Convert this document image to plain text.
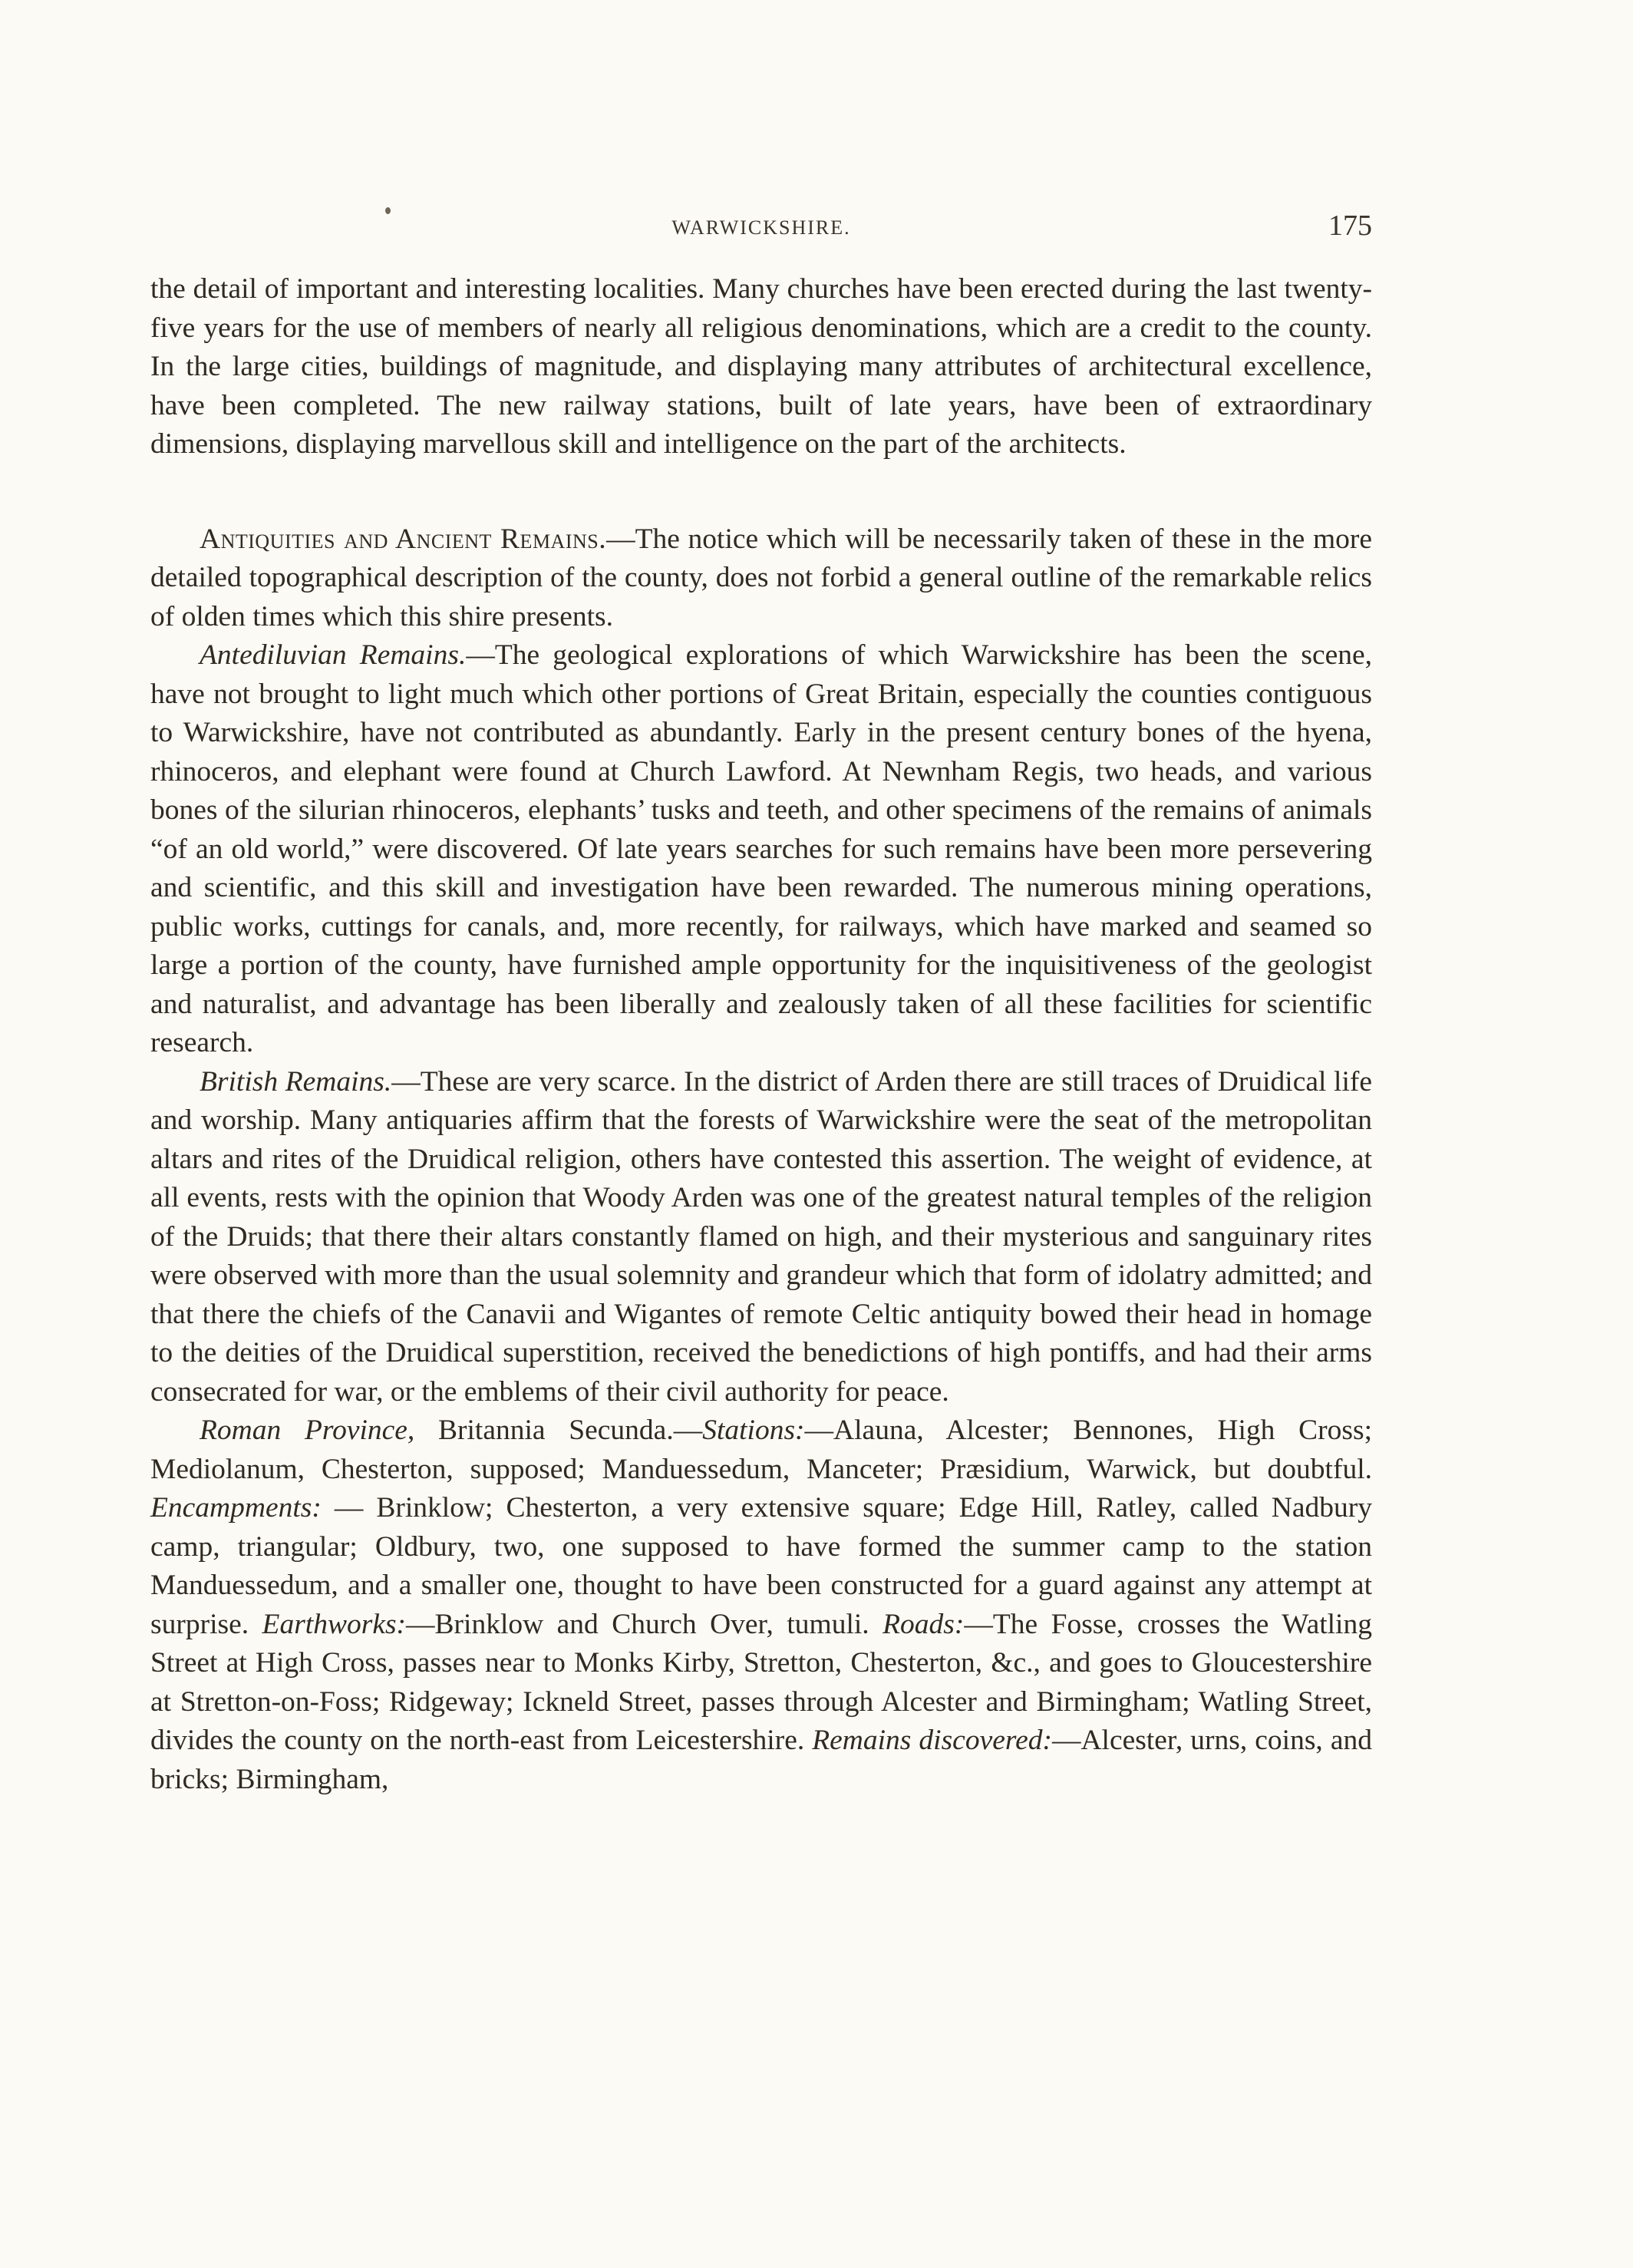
WARWICKSHIRE.	175

the detail of important and interesting localities. Many churches have been erected during the last twenty-five years for the use of members of nearly all religious denominations, which are a credit to the county. In the large cities, buildings of magnitude, and displaying many attributes of architectural excellence, have been completed. The new railway stations, built of late years, have been of extraordinary dimensions, displaying marvellous skill and intelligence on the part of the architects.

Antiquities and Ancient Remains.—The notice which will be necessarily taken of these in the more detailed topographical description of the county, does not forbid a general outline of the remarkable relics of olden times which this shire presents.

Antediluvian Remains.—The geological explorations of which Warwickshire has been the scene, have not brought to light much which other portions of Great Britain, especially the counties contiguous to Warwickshire, have not contributed as abundantly. Early in the present century bones of the hyena, rhinoceros, and elephant were found at Church Lawford. At Newnham Regis, two heads, and various bones of the silurian rhinoceros, elephants’ tusks and teeth, and other specimens of the remains of animals “of an old world,” were discovered. Of late years searches for such remains have been more persevering and scientific, and this skill and investigation have been rewarded. The numerous mining operations, public works, cuttings for canals, and, more recently, for railways, which have marked and seamed so large a portion of the county, have furnished ample opportunity for the inquisitiveness of the geologist and naturalist, and advantage has been liberally and zealously taken of all these facilities for scientific research.

British Remains.—These are very scarce. In the district of Arden there are still traces of Druidical life and worship. Many antiquaries affirm that the forests of Warwickshire were the seat of the metropolitan altars and rites of the Druidical religion, others have contested this assertion. The weight of evidence, at all events, rests with the opinion that Woody Arden was one of the greatest natural temples of the religion of the Druids; that there their altars constantly flamed on high, and their mysterious and sanguinary rites were observed with more than the usual solemnity and grandeur which that form of idolatry admitted; and that there the chiefs of the Canavii and Wigantes of remote Celtic antiquity bowed their head in homage to the deities of the Druidical superstition, received the benedictions of high pontiffs, and had their arms consecrated for war, or the emblems of their civil authority for peace.

Roman Province, Britannia Secunda.—Stations:—Alauna, Alcester; Bennones, High Cross; Mediolanum, Chesterton, supposed; Manduessedum, Manceter; Præsidium, Warwick, but doubtful. Encampments: — Brinklow; Chesterton, a very extensive square; Edge Hill, Ratley, called Nadbury camp, triangular; Oldbury, two, one supposed to have formed the summer camp to the station Manduessedum, and a smaller one, thought to have been constructed for a guard against any attempt at surprise. Earthworks:—Brinklow and Church Over, tumuli. Roads:—The Fosse, crosses the Watling Street at High Cross, passes near to Monks Kirby, Stretton, Chesterton, &c., and goes to Gloucestershire at Stretton-on-Foss; Ridgeway; Ickneld Street, passes through Alcester and Birmingham; Watling Street, divides the county on the north-east from Leicestershire. Remains discovered:—Alcester, urns, coins, and bricks; Birmingham,
